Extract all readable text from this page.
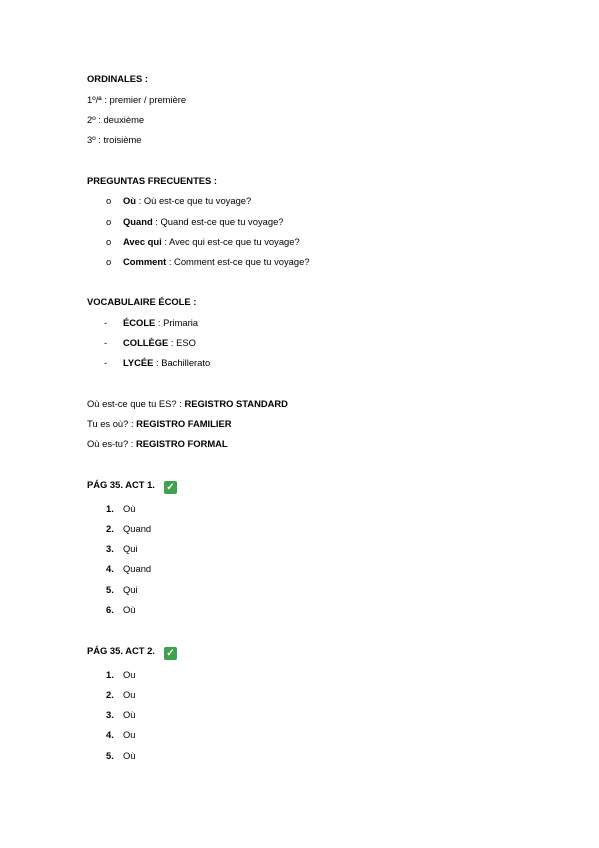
ORDINALES :
1º/ª : premier / première
2º : deuxième
3º : troisième
PREGUNTAS FRECUENTES :
o Où : Où est-ce que tu voyage?
o Quand : Quand est-ce que tu voyage?
o Avec qui : Avec qui est-ce que tu voyage?
o Comment : Comment est-ce que tu voyage?
VOCABULAIRE ÉCOLE :
- ÉCOLE : Primaria
- COLLÈGE : ESO
- LYCÉE : Bachillerato
Où est-ce que tu ES? : REGISTRO STANDARD
Tu es où? : REGISTRO FAMILIER
Où es-tu? : REGISTRO FORMAL
PÁG 35. ACT 1. ✓
1. Où
2. Quand
3. Qui
4. Quand
5. Qui
6. Où
PÁG 35. ACT 2. ✓
1. Ou
2. Ou
3. Où
4. Ou
5. Où
